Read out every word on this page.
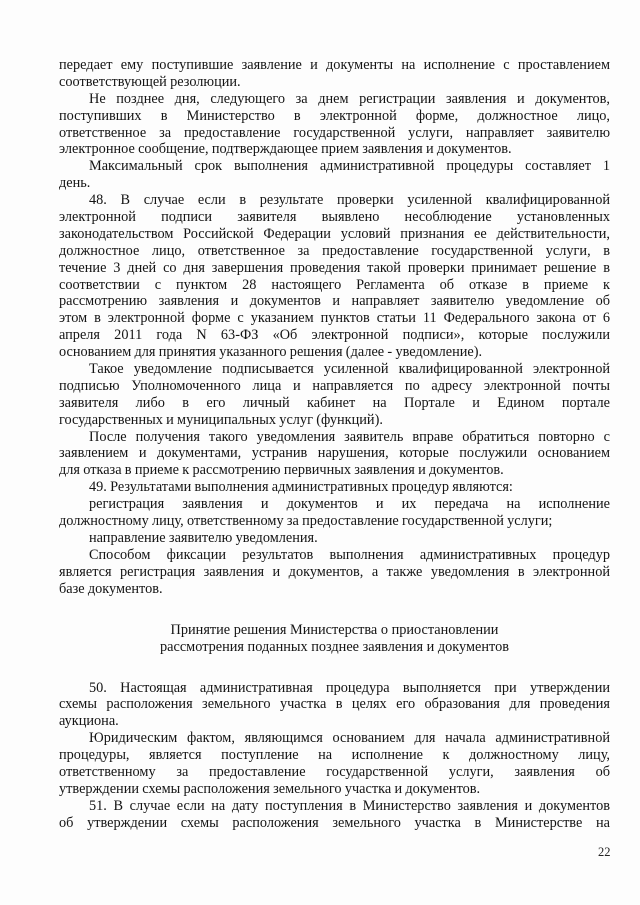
передает ему поступившие заявление и документы на исполнение с проставлением
соответствующей резолюции.
Не позднее дня, следующего за днем регистрации заявления и документов,
поступивших в Министерство в электронной форме, должностное лицо,
ответственное за предоставление государственной услуги, направляет заявителю
электронное сообщение, подтверждающее прием заявления и документов.
Максимальный срок выполнения административной процедуры составляет 1
день.
48. В случае если в результате проверки усиленной квалифицированной
электронной подписи заявителя выявлено несоблюдение установленных
законодательством Российской Федерации условий признания ее действительности,
должностное лицо, ответственное за предоставление государственной услуги, в
течение 3 дней со дня завершения проведения такой проверки принимает решение в
соответствии с пунктом 28 настоящего Регламента об отказе в приеме к
рассмотрению заявления и документов и направляет заявителю уведомление об
этом в электронной форме с указанием пунктов статьи 11 Федерального закона от 6
апреля 2011 года N 63-ФЗ «Об электронной подписи», которые послужили
основанием для принятия указанного решения (далее - уведомление).
Такое уведомление подписывается усиленной квалифицированной электронной
подписью Уполномоченного лица и направляется по адресу электронной почты
заявителя либо в его личный кабинет на Портале и Едином портале
государственных и муниципальных услуг (функций).
После получения такого уведомления заявитель вправе обратиться повторно с
заявлением и документами, устранив нарушения, которые послужили основанием
для отказа в приеме к рассмотрению первичных заявления и документов.
49. Результатами выполнения административных процедур являются:
регистрация заявления и документов и их передача на исполнение
должностному лицу, ответственному за предоставление государственной услуги;
направление заявителю уведомления.
Способом фиксации результатов выполнения административных процедур
является регистрация заявления и документов, а также уведомления в электронной
базе документов.
Принятие решения Министерства о приостановлении
рассмотрения поданных позднее заявления и документов
50. Настоящая административная процедура выполняется при утверждении
схемы расположения земельного участка в целях его образования для проведения
аукциона.
Юридическим фактом, являющимся основанием для начала административной
процедуры, является поступление на исполнение к должностному лицу,
ответственному за предоставление государственной услуги, заявления об
утверждении схемы расположения земельного участка и документов.
51. В случае если на дату поступления в Министерство заявления и документов
об утверждении схемы расположения земельного участка в Министерстве на
22
